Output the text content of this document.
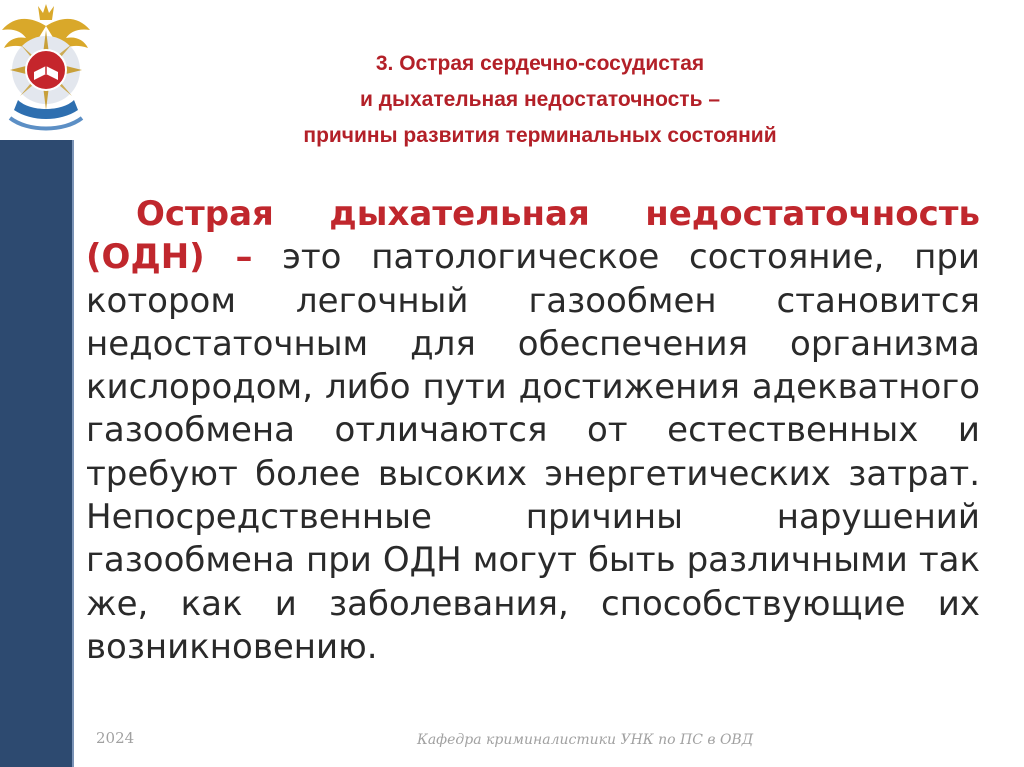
3. Острая сердечно-сосудистая
и дыхательная недостаточность –
причины развития терминальных состояний
Острая дыхательная недостаточность (ОДН) – это патологическое состояние, при котором легочный газообмен становится недостаточным для обеспечения организма кислородом, либо пути достижения адекватного газообмена отличаются от естественных и требуют более высоких энергетических затрат. Непосредственные причины нарушений газообмена при ОДН могут быть различными так же, как и заболевания, способствующие их возникновению.
2024	Кафедра криминалистики УНК по ПС в ОВД
